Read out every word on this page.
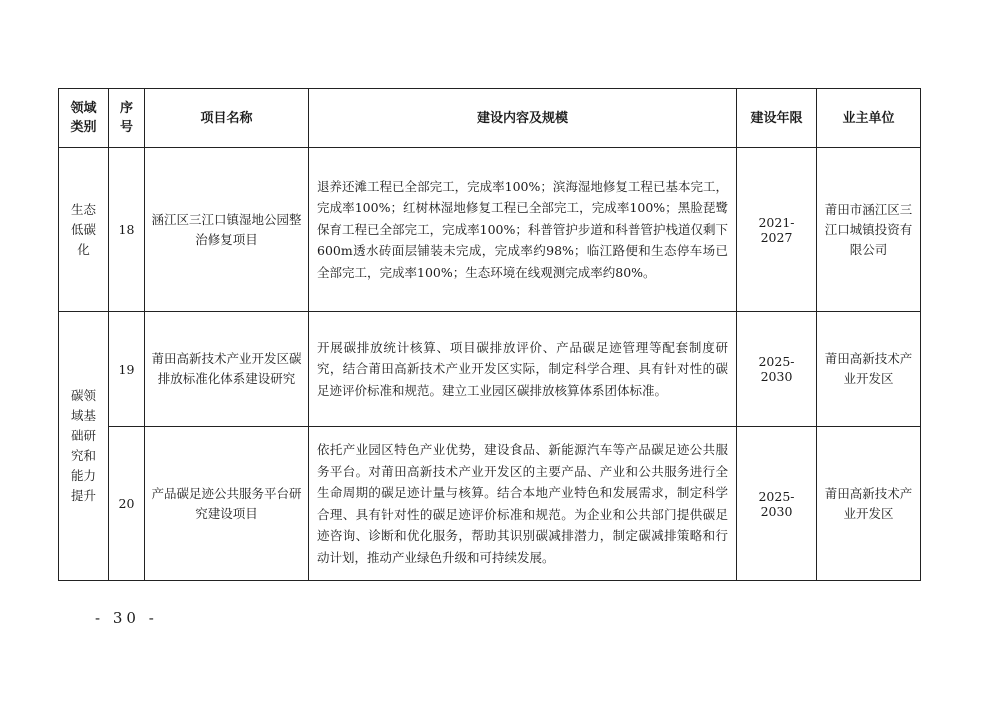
领域类别	序号	项目名称	建设内容及规模	建设年限	业主单位
生态低碳化	18	涵江区三江口镇湿地公园整治修复项目	退养还滩工程已全部完工，完成率100%；滨海湿地修复工程已基本完工，完成率100%；红树林湿地修复工程已全部完工，完成率100%；黑脸琵鹭保育工程已全部完工，完成率100%；科普管护步道和科普管护栈道仅剩下600m透水砖面层铺装未完成，完成率约98%；临江路便和生态停车场已全部完工，完成率100%；生态环境在线观测完成率约80%。	2021-2027	莆田市涵江区三江口城镇投资有限公司
碳领域基础研究和能力提升	19	莆田高新技术产业开发区碳排放标准化体系建设研究	开展碳排放统计核算、项目碳排放评价、产品碳足迹管理等配套制度研究，结合莆田高新技术产业开发区实际，制定科学合理、具有针对性的碳足迹评价标准和规范。建立工业园区碳排放核算体系团体标准。	2025-2030	莆田高新技术产业开发区
	20	产品碳足迹公共服务平台研究建设项目	依托产业园区特色产业优势，建设食品、新能源汽车等产品碳足迹公共服务平台。对莆田高新技术产业开发区的主要产品、产业和公共服务进行全生命周期的碳足迹计量与核算。结合本地产业特色和发展需求，制定科学合理、具有针对性的碳足迹评价标准和规范。为企业和公共部门提供碳足迹咨询、诊断和优化服务，帮助其识别碳减排潜力，制定碳减排策略和行动计划，推动产业绿色升级和可持续发展。	2025-2030	莆田高新技术产业开发区
- 30 -
